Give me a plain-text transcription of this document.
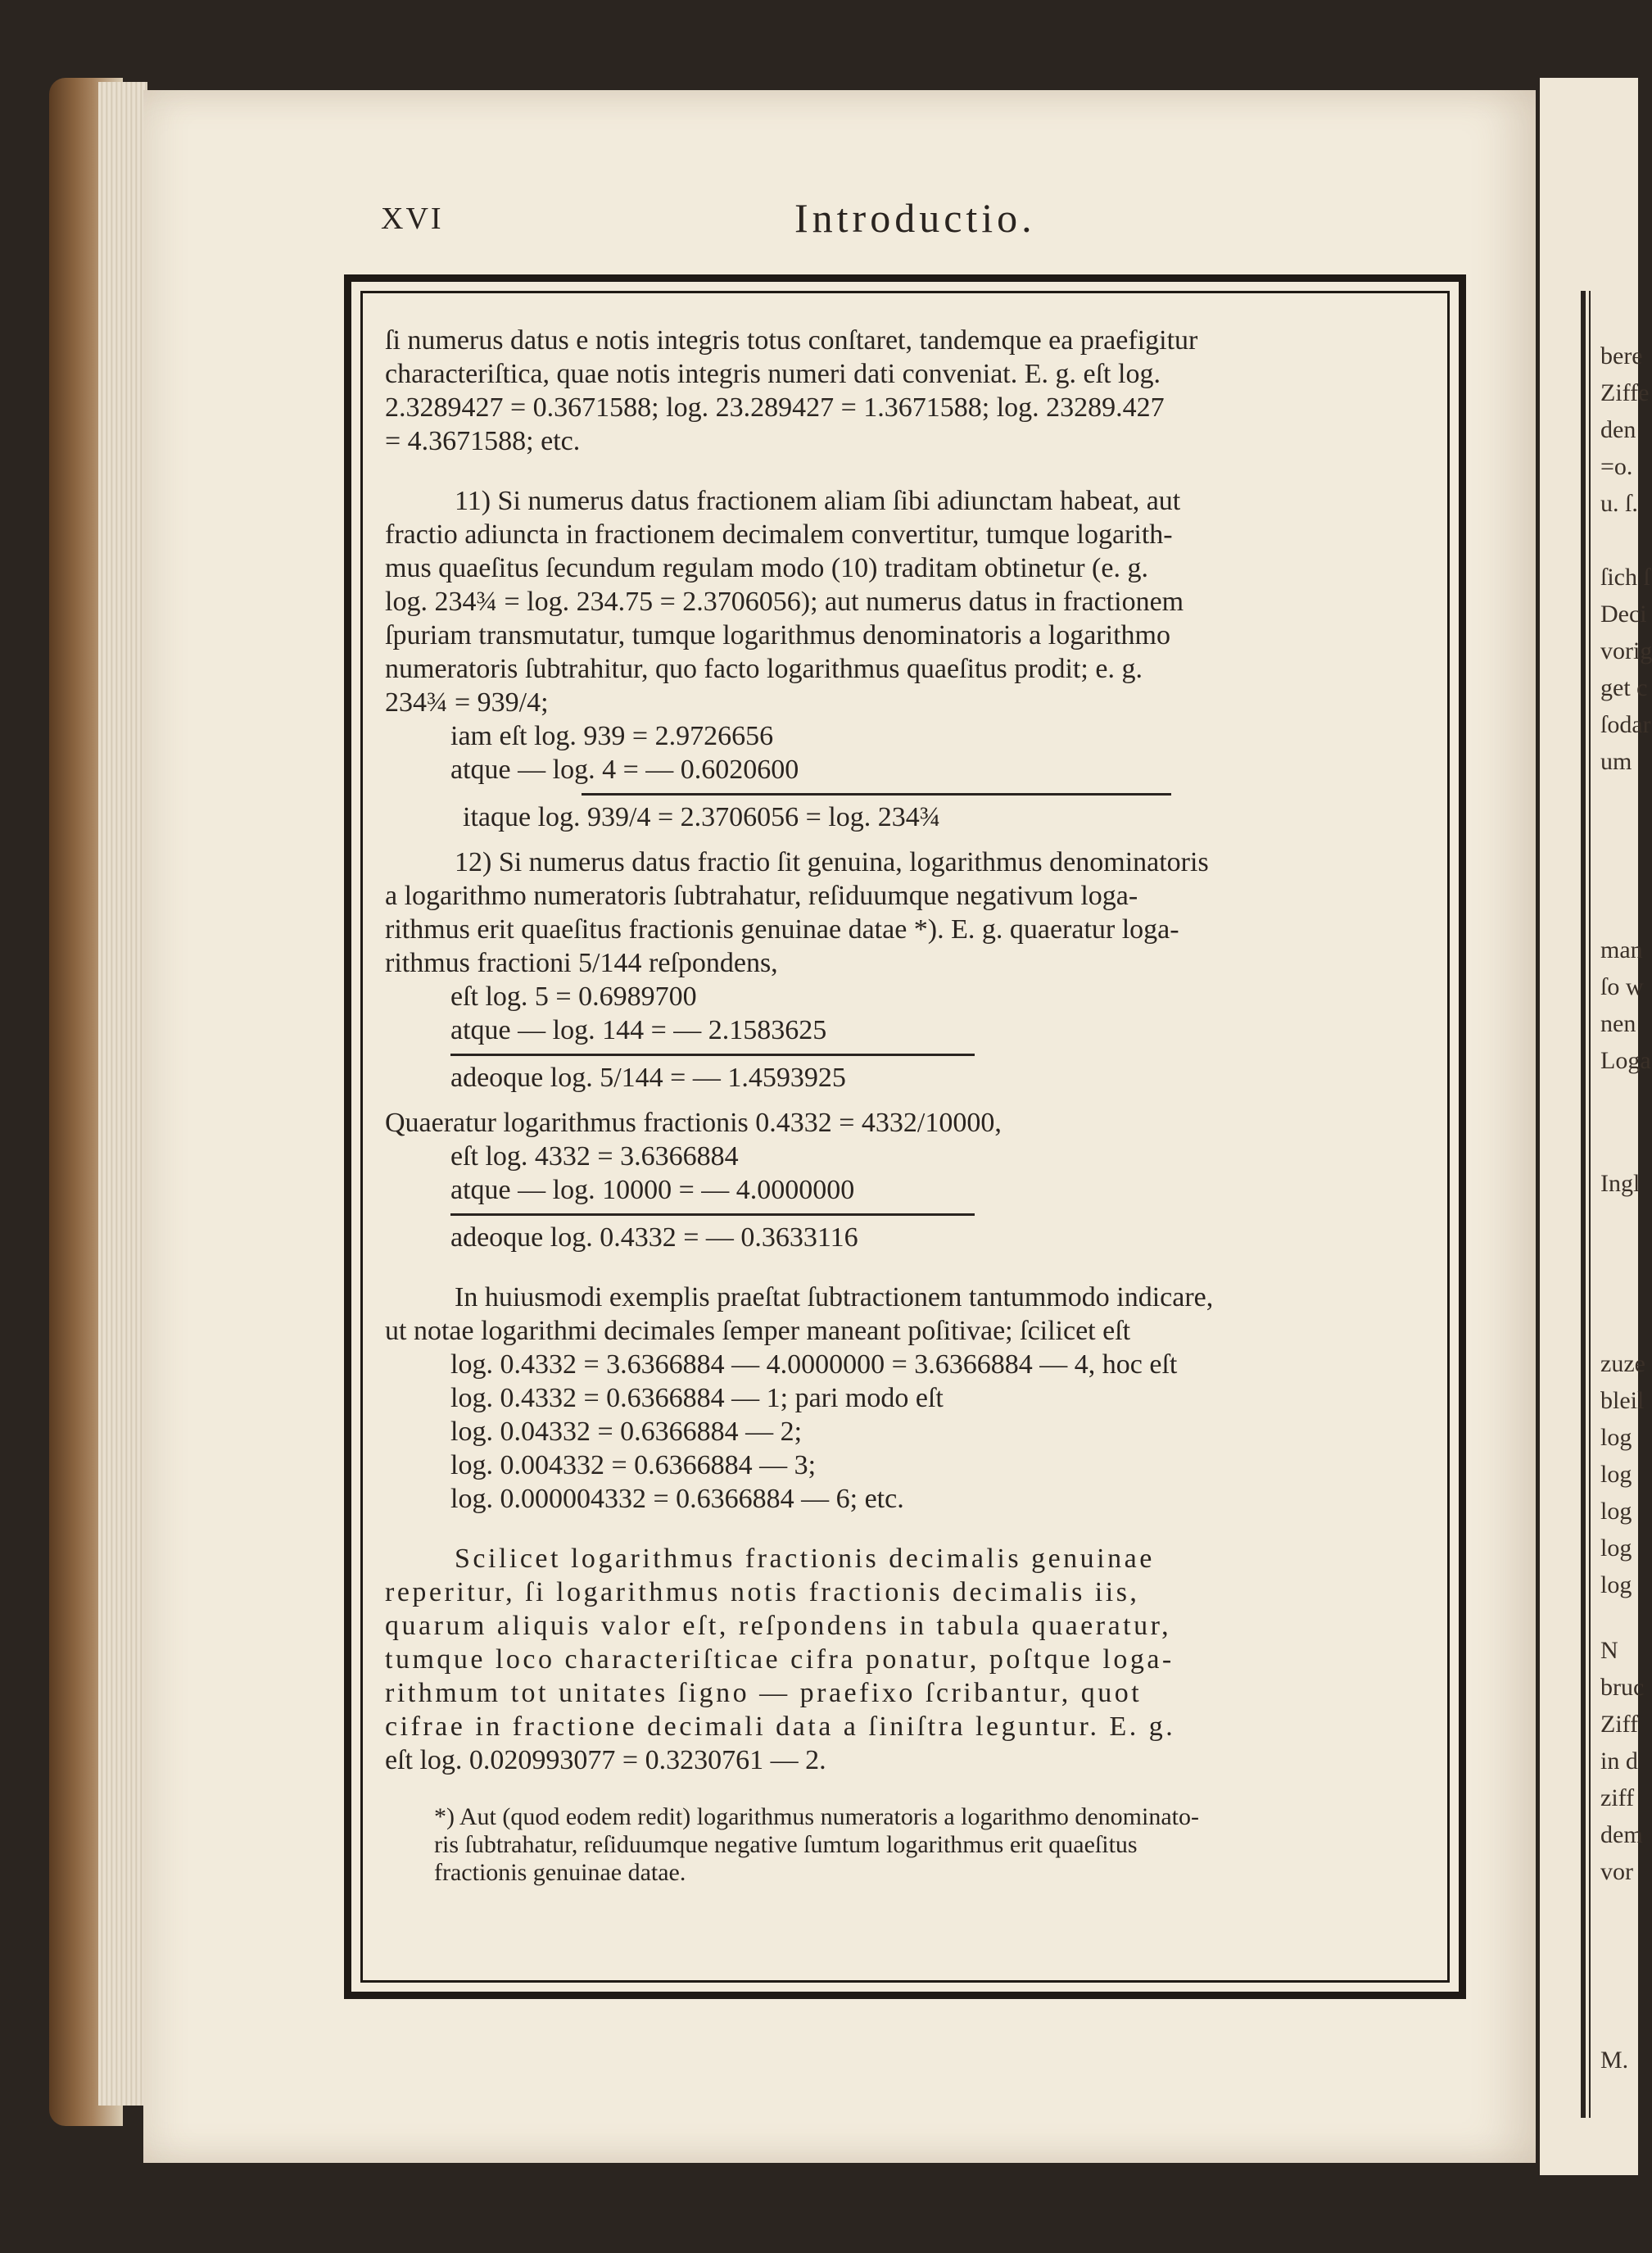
bere
Ziffe
den
=o.
u. ſ.
ſich ſ
Deci
vorig
get c
ſodar
um
man
ſo w
nen
Loga
Ingl
zuze
bleil
log
log
log
log
log
N
bruc
Ziff
in d
ziff
dem
vor
M.
XVI	Introductio.

ſi numerus datus e notis integris totus conſtaret, tandemque ea praefigitur

characteriſtica, quae notis integris numeri dati conveniat. E. g. eſt log.

2.3289427 = 0.3671588; log. 23.289427 = 1.3671588; log. 23289.427

= 4.3671588; etc.

11) Si numerus datus fractionem aliam ſibi adiunctam habeat, aut

fractio adiuncta in fractionem decimalem convertitur, tumque logarith-

mus quaeſitus ſecundum regulam modo (10) traditam obtinetur (e. g.

log. 234¾ = log. 234.75 = 2.3706056); aut numerus datus in fractionem

ſpuriam transmutatur, tumque logarithmus denominatoris a logarithmo

numeratoris ſubtrahitur, quo facto logarithmus quaeſitus prodit; e. g.

234¾ = 939/4;

iam eſt log. 939 = 2.9726656

atque — log. 4 = — 0.6020600

itaque log. 939/4 = 2.3706056 = log. 234¾

12) Si numerus datus fractio ſit genuina, logarithmus denominatoris

a logarithmo numeratoris ſubtrahatur, reſiduumque negativum loga-

rithmus erit quaeſitus fractionis genuinae datae *). E. g. quaeratur loga-

rithmus fractioni 5/144 reſpondens,

eſt log. 5 = 0.6989700

atque — log. 144 = — 2.1583625

adeoque log. 5/144 = — 1.4593925

Quaeratur logarithmus fractionis 0.4332 = 4332/10000,

eſt log. 4332 = 3.6366884

atque — log. 10000 = — 4.0000000

adeoque log. 0.4332 = — 0.3633116

In huiusmodi exemplis praeſtat ſubtractionem tantummodo indicare,

ut notae logarithmi decimales ſemper maneant poſitivae; ſcilicet eſt

log. 0.4332 = 3.6366884 — 4.0000000 = 3.6366884 — 4, hoc eſt

log. 0.4332 = 0.6366884 — 1; pari modo eſt

log. 0.04332 = 0.6366884 — 2;

log. 0.004332 = 0.6366884 — 3;

log. 0.000004332 = 0.6366884 — 6; etc.

Scilicet logarithmus fractionis decimalis genuinae

reperitur, ſi logarithmus notis fractionis decimalis iis,

quarum aliquis valor eſt, reſpondens in tabula quaeratur,

tumque loco characteriſticae cifra ponatur, poſtque loga-

rithmum tot unitates ſigno — praefixo ſcribantur, quot

cifrae in fractione decimali data a ſiniſtra leguntur. E. g.

eſt log. 0.020993077 = 0.3230761 — 2.

*) Aut (quod eodem redit) logarithmus numeratoris a logarithmo denominato-

ris ſubtrahatur, reſiduumque negative ſumtum logarithmus erit quaeſitus

fractionis genuinae datae.
